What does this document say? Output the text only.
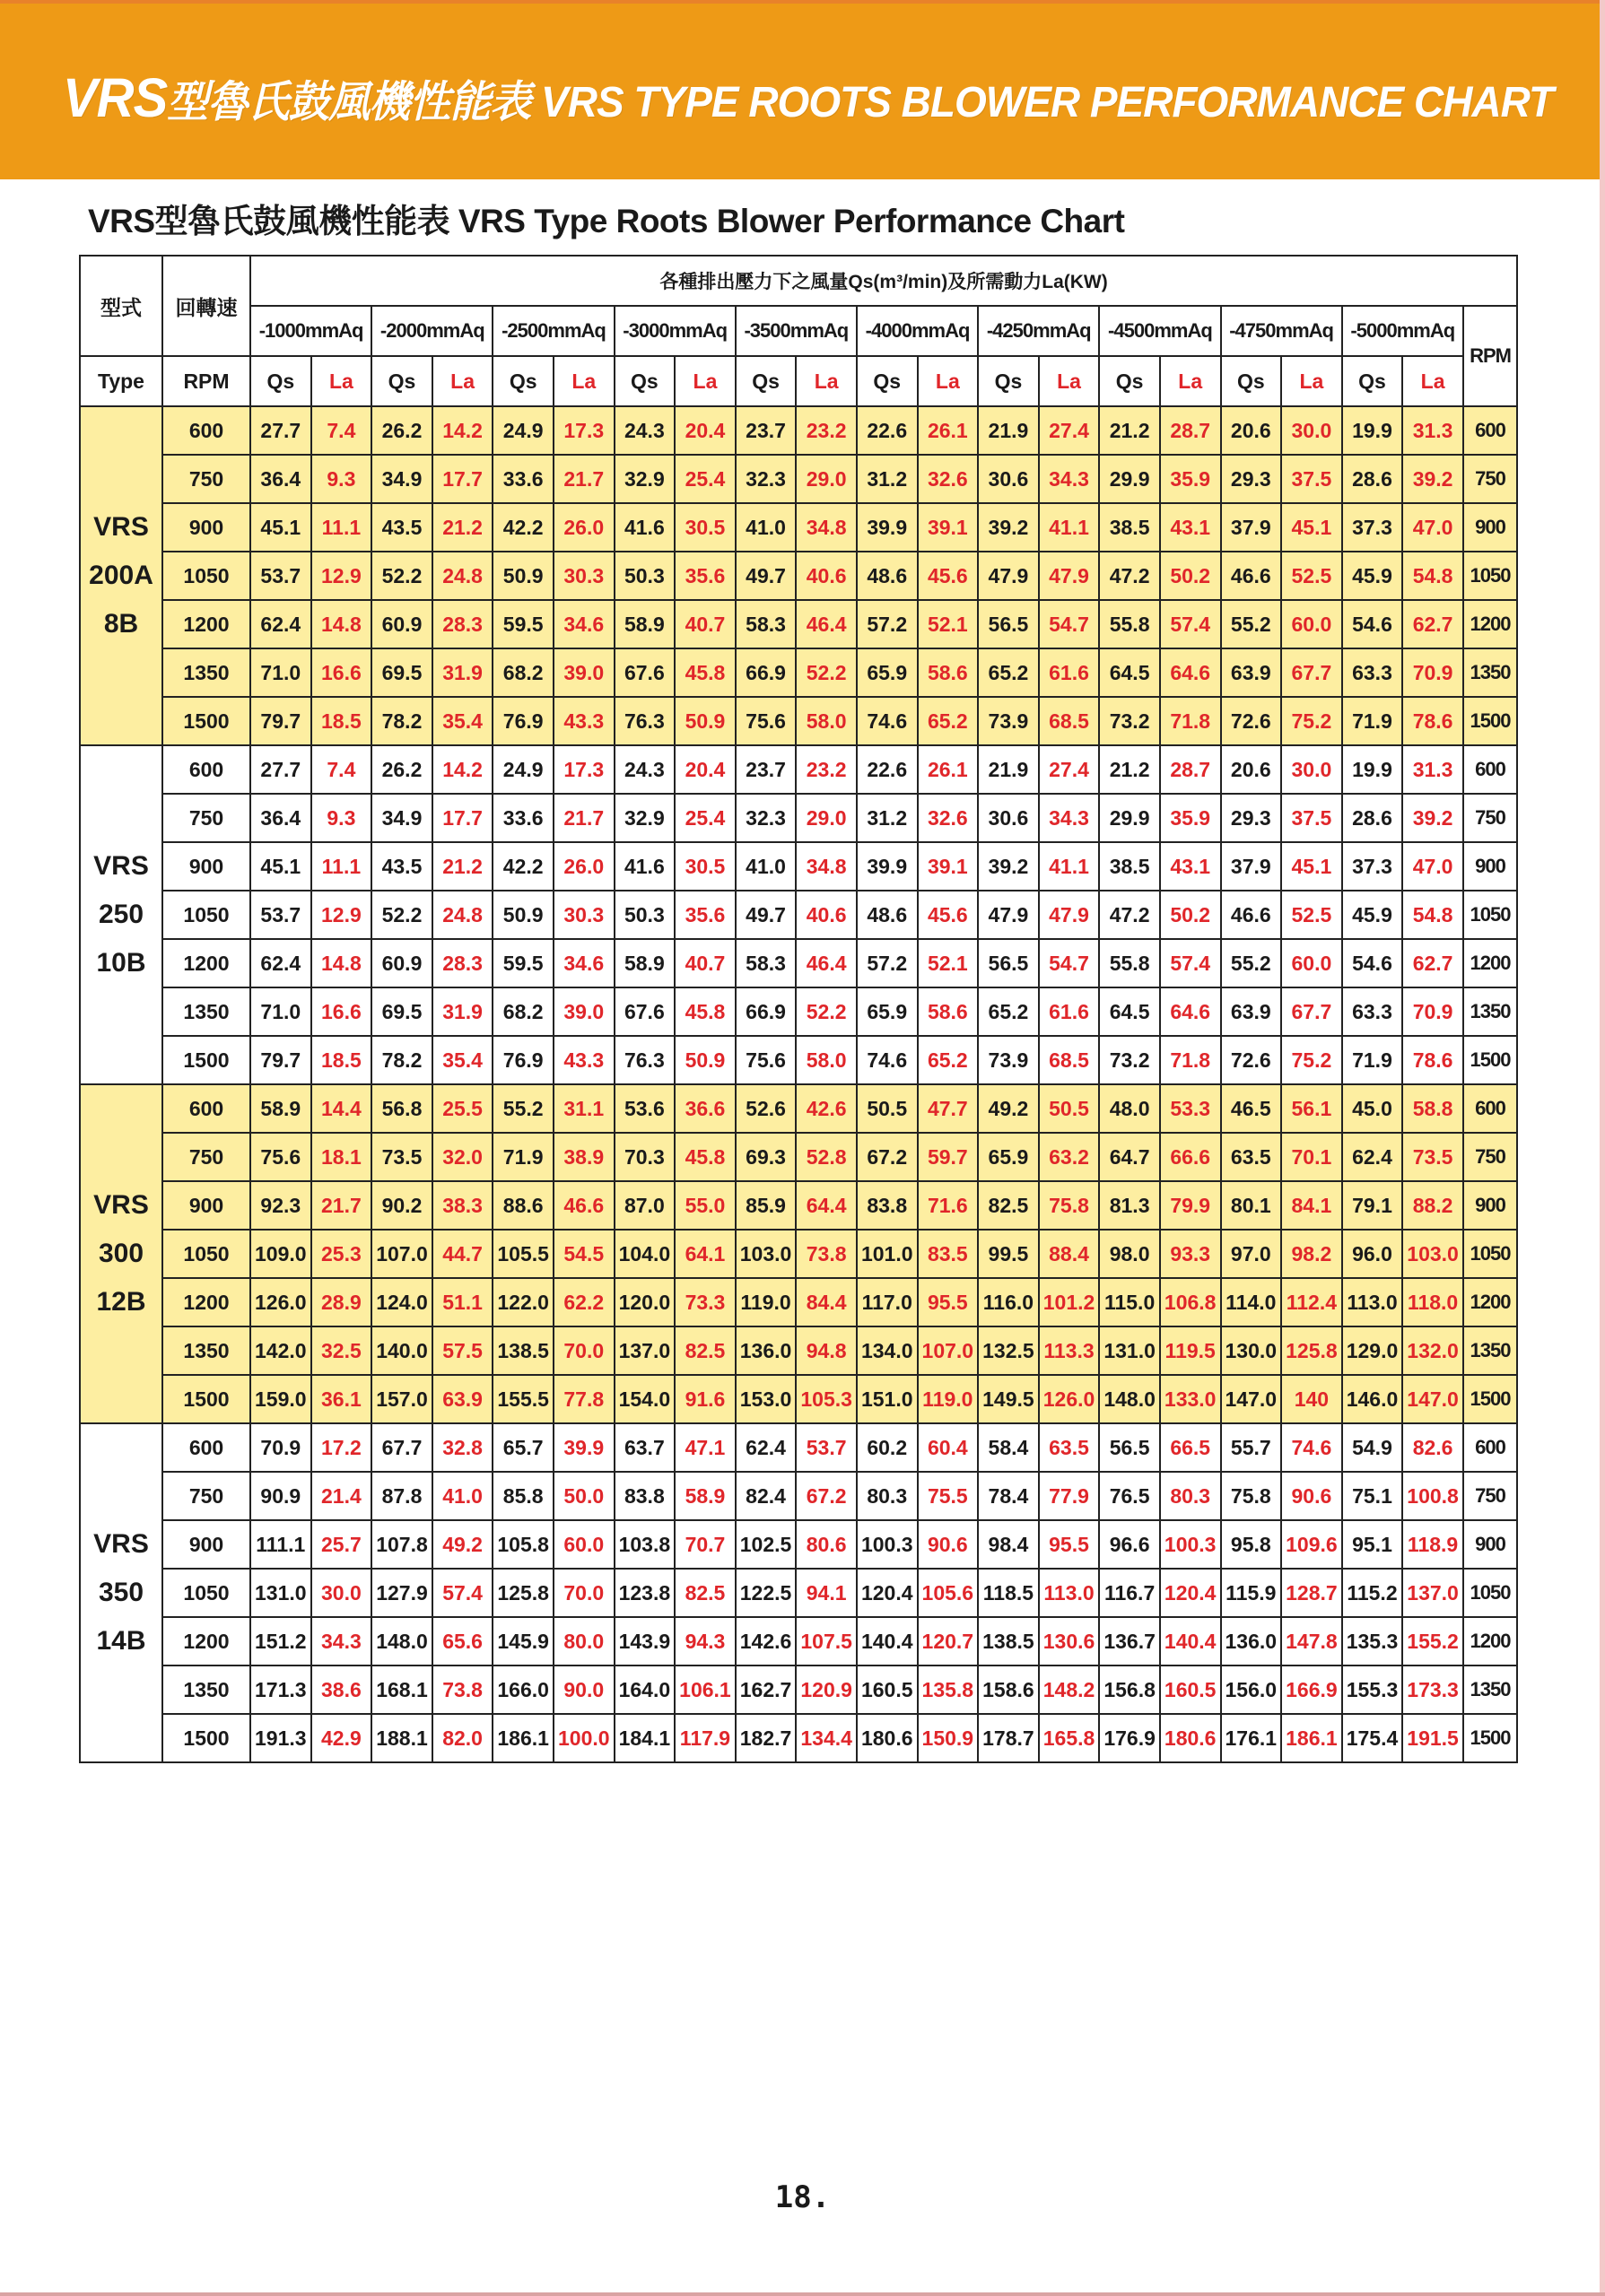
VRS型魯氏鼓風機性能表 VRS TYPE ROOTS BLOWER PERFORMANCE CHART
VRS型魯氏鼓風機性能表 VRS Type Roots Blower Performance Chart
型式	回轉速	各種排出壓力下之風量Qs(m³/min)及所需動力La(KW)																				
		-1000mmAq		-2000mmAq		-2500mmAq		-3000mmAq		-3500mmAq		-4000mmAq		-4250mmAq		-4500mmAq		-4750mmAq		-5000mmAq		RPM
Type	RPM	Qs	La	Qs	La	Qs	La	Qs	La	Qs	La	Qs	La	Qs	La	Qs	La	Qs	La	Qs	La	

VRS
200A
8B	600	27.7	7.4	26.2	14.2	24.9	17.3	24.3	20.4	23.7	23.2	22.6	26.1	21.9	27.4	21.2	28.7	20.6	30.0	19.9	31.3	600
	750	36.4	9.3	34.9	17.7	33.6	21.7	32.9	25.4	32.3	29.0	31.2	32.6	30.6	34.3	29.9	35.9	29.3	37.5	28.6	39.2	750
	900	45.1	11.1	43.5	21.2	42.2	26.0	41.6	30.5	41.0	34.8	39.9	39.1	39.2	41.1	38.5	43.1	37.9	45.1	37.3	47.0	900
	1050	53.7	12.9	52.2	24.8	50.9	30.3	50.3	35.6	49.7	40.6	48.6	45.6	47.9	47.9	47.2	50.2	46.6	52.5	45.9	54.8	1050
	1200	62.4	14.8	60.9	28.3	59.5	34.6	58.9	40.7	58.3	46.4	57.2	52.1	56.5	54.7	55.8	57.4	55.2	60.0	54.6	62.7	1200
	1350	71.0	16.6	69.5	31.9	68.2	39.0	67.6	45.8	66.9	52.2	65.9	58.6	65.2	61.6	64.5	64.6	63.9	67.7	63.3	70.9	1350
	1500	79.7	18.5	78.2	35.4	76.9	43.3	76.3	50.9	75.6	58.0	74.6	65.2	73.9	68.5	73.2	71.8	72.6	75.2	71.9	78.6	1500

VRS
250
10B	600	27.7	7.4	26.2	14.2	24.9	17.3	24.3	20.4	23.7	23.2	22.6	26.1	21.9	27.4	21.2	28.7	20.6	30.0	19.9	31.3	600
	750	36.4	9.3	34.9	17.7	33.6	21.7	32.9	25.4	32.3	29.0	31.2	32.6	30.6	34.3	29.9	35.9	29.3	37.5	28.6	39.2	750
	900	45.1	11.1	43.5	21.2	42.2	26.0	41.6	30.5	41.0	34.8	39.9	39.1	39.2	41.1	38.5	43.1	37.9	45.1	37.3	47.0	900
	1050	53.7	12.9	52.2	24.8	50.9	30.3	50.3	35.6	49.7	40.6	48.6	45.6	47.9	47.9	47.2	50.2	46.6	52.5	45.9	54.8	1050
	1200	62.4	14.8	60.9	28.3	59.5	34.6	58.9	40.7	58.3	46.4	57.2	52.1	56.5	54.7	55.8	57.4	55.2	60.0	54.6	62.7	1200
	1350	71.0	16.6	69.5	31.9	68.2	39.0	67.6	45.8	66.9	52.2	65.9	58.6	65.2	61.6	64.5	64.6	63.9	67.7	63.3	70.9	1350
	1500	79.7	18.5	78.2	35.4	76.9	43.3	76.3	50.9	75.6	58.0	74.6	65.2	73.9	68.5	73.2	71.8	72.6	75.2	71.9	78.6	1500

VRS
300
12B	600	58.9	14.4	56.8	25.5	55.2	31.1	53.6	36.6	52.6	42.6	50.5	47.7	49.2	50.5	48.0	53.3	46.5	56.1	45.0	58.8	600
	750	75.6	18.1	73.5	32.0	71.9	38.9	70.3	45.8	69.3	52.8	67.2	59.7	65.9	63.2	64.7	66.6	63.5	70.1	62.4	73.5	750
	900	92.3	21.7	90.2	38.3	88.6	46.6	87.0	55.0	85.9	64.4	83.8	71.6	82.5	75.8	81.3	79.9	80.1	84.1	79.1	88.2	900
	1050	109.0	25.3	107.0	44.7	105.5	54.5	104.0	64.1	103.0	73.8	101.0	83.5	99.5	88.4	98.0	93.3	97.0	98.2	96.0	103.0	1050
	1200	126.0	28.9	124.0	51.1	122.0	62.2	120.0	73.3	119.0	84.4	117.0	95.5	116.0	101.2	115.0	106.8	114.0	112.4	113.0	118.0	1200
	1350	142.0	32.5	140.0	57.5	138.5	70.0	137.0	82.5	136.0	94.8	134.0	107.0	132.5	113.3	131.0	119.5	130.0	125.8	129.0	132.0	1350
	1500	159.0	36.1	157.0	63.9	155.5	77.8	154.0	91.6	153.0	105.3	151.0	119.0	149.5	126.0	148.0	133.0	147.0	140	146.0	147.0	1500

VRS
350
14B	600	70.9	17.2	67.7	32.8	65.7	39.9	63.7	47.1	62.4	53.7	60.2	60.4	58.4	63.5	56.5	66.5	55.7	74.6	54.9	82.6	600
	750	90.9	21.4	87.8	41.0	85.8	50.0	83.8	58.9	82.4	67.2	80.3	75.5	78.4	77.9	76.5	80.3	75.8	90.6	75.1	100.8	750
	900	111.1	25.7	107.8	49.2	105.8	60.0	103.8	70.7	102.5	80.6	100.3	90.6	98.4	95.5	96.6	100.3	95.8	109.6	95.1	118.9	900
	1050	131.0	30.0	127.9	57.4	125.8	70.0	123.8	82.5	122.5	94.1	120.4	105.6	118.5	113.0	116.7	120.4	115.9	128.7	115.2	137.0	1050
	1200	151.2	34.3	148.0	65.6	145.9	80.0	143.9	94.3	142.6	107.5	140.4	120.7	138.5	130.6	136.7	140.4	136.0	147.8	135.3	155.2	1200
	1350	171.3	38.6	168.1	73.8	166.0	90.0	164.0	106.1	162.7	120.9	160.5	135.8	158.6	148.2	156.8	160.5	156.0	166.9	155.3	173.3	1350
	1500	191.3	42.9	188.1	82.0	186.1	100.0	184.1	117.9	182.7	134.4	180.6	150.9	178.7	165.8	176.9	180.6	176.1	186.1	175.4	191.5	1500
18.
